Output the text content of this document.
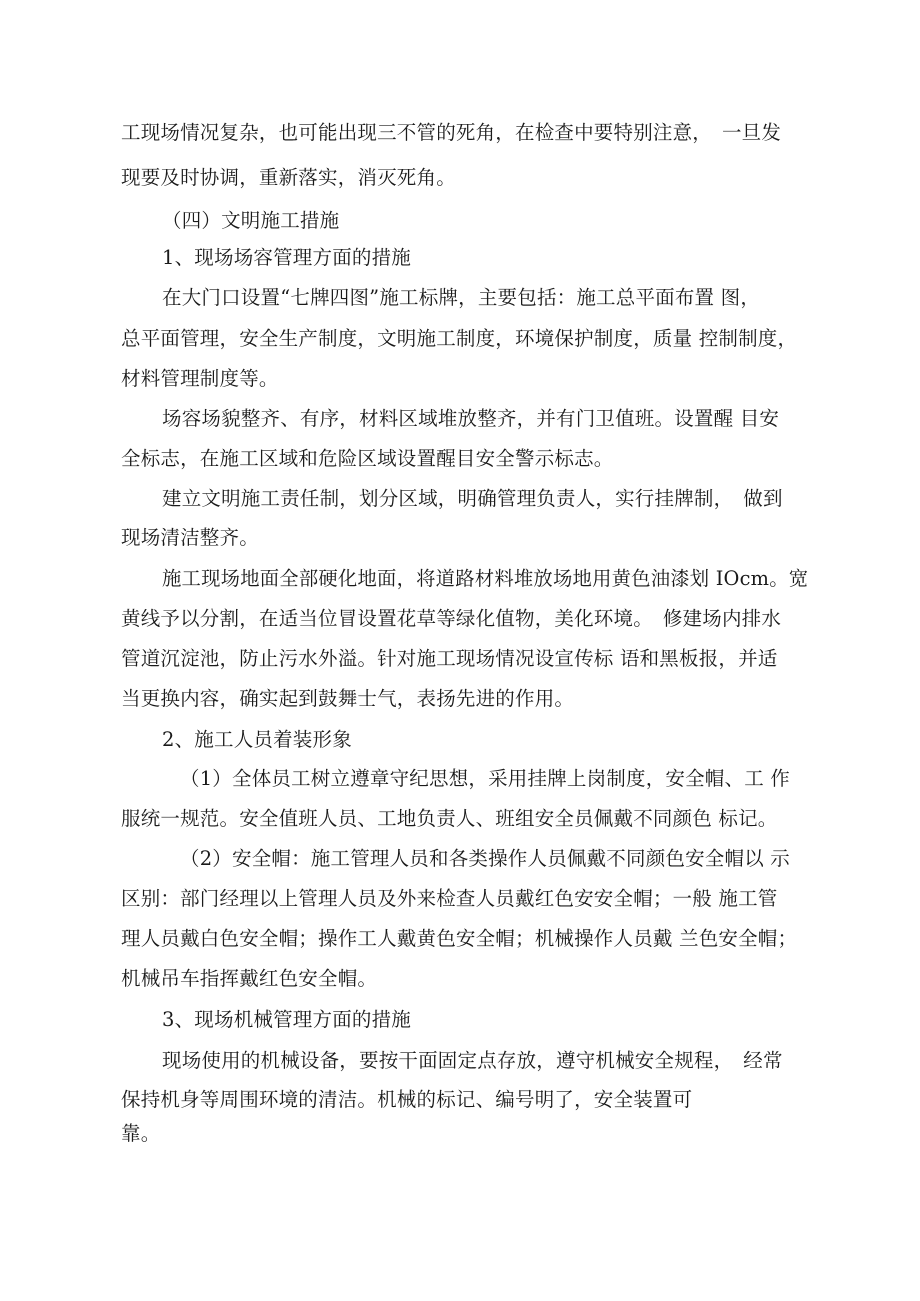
工现场情况复杂，也可能出现三不管的死角，在检查中要特别注意，　一旦发
现要及时协调，重新落实，消灭死角。
（四）文明施工措施
1、现场场容管理方面的措施
在大门口设置“七牌四图”施工标牌，主要包括：施工总平面布置 图，
总平面管理，安全生产制度，文明施工制度，环境保护制度，质量 控制制度，
材料管理制度等。
场容场貌整齐、有序，材料区域堆放整齐，并有门卫值班。设置醒 目安
全标志，在施工区域和危险区域设置醒目安全警示标志。
建立文明施工责任制，划分区域，明确管理负责人，实行挂牌制，　做到
现场清洁整齐。
施工现场地面全部硬化地面，将道路材料堆放场地用黄色油漆划 IOcm。宽
黄线予以分割，在适当位冒设置花草等绿化值物，美化环境。　修建场内排水
管道沉淀池，防止污水外溢。针对施工现场情况设宣传标 语和黑板报，并适
当更换内容，确实起到鼓舞士气，表扬先进的作用。
2、施工人员着装形象
（1）全体员工树立遵章守纪思想，采用挂牌上岗制度，安全帽、工 作
服统一规范。安全值班人员、工地负责人、班组安全员佩戴不同颜色 标记。
（2）安全帽：施工管理人员和各类操作人员佩戴不同颜色安全帽以 示
区别：部门经理以上管理人员及外来检查人员戴红色安安全帽；一般 施工管
理人员戴白色安全帽；操作工人戴黄色安全帽；机械操作人员戴 兰色安全帽；
机械吊车指挥戴红色安全帽。
3、现场机械管理方面的措施
现场使用的机械设备，要按干面固定点存放，遵守机械安全规程，　经常
保持机身等周围环境的清洁。机械的标记、编号明了，安全装置可
靠。
